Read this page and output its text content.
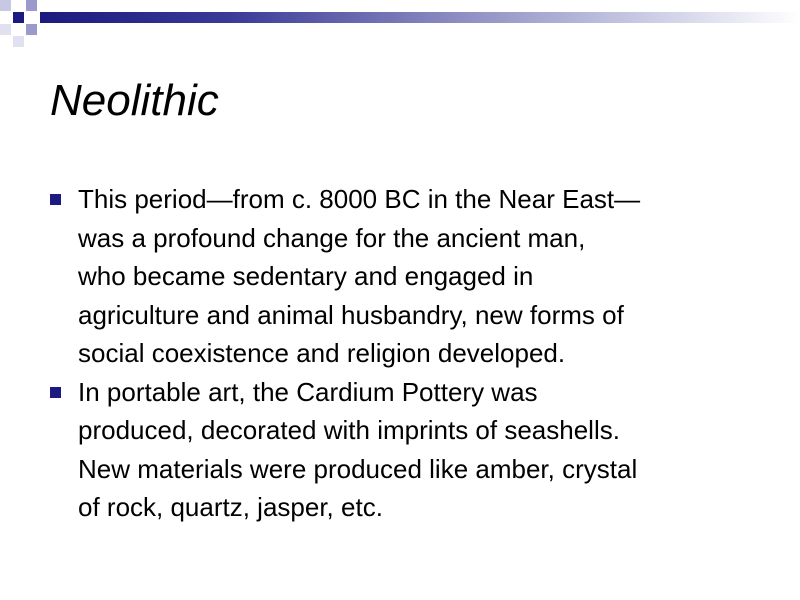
Neolithic
This period—from c. 8000 BC in the Near East—
was a profound change for the ancient man,
who became sedentary and engaged in
agriculture and animal husbandry, new forms of
social coexistence and religion developed.
In portable art, the Cardium Pottery was
produced, decorated with imprints of seashells.
New materials were produced like amber, crystal
of rock, quartz, jasper, etc.
